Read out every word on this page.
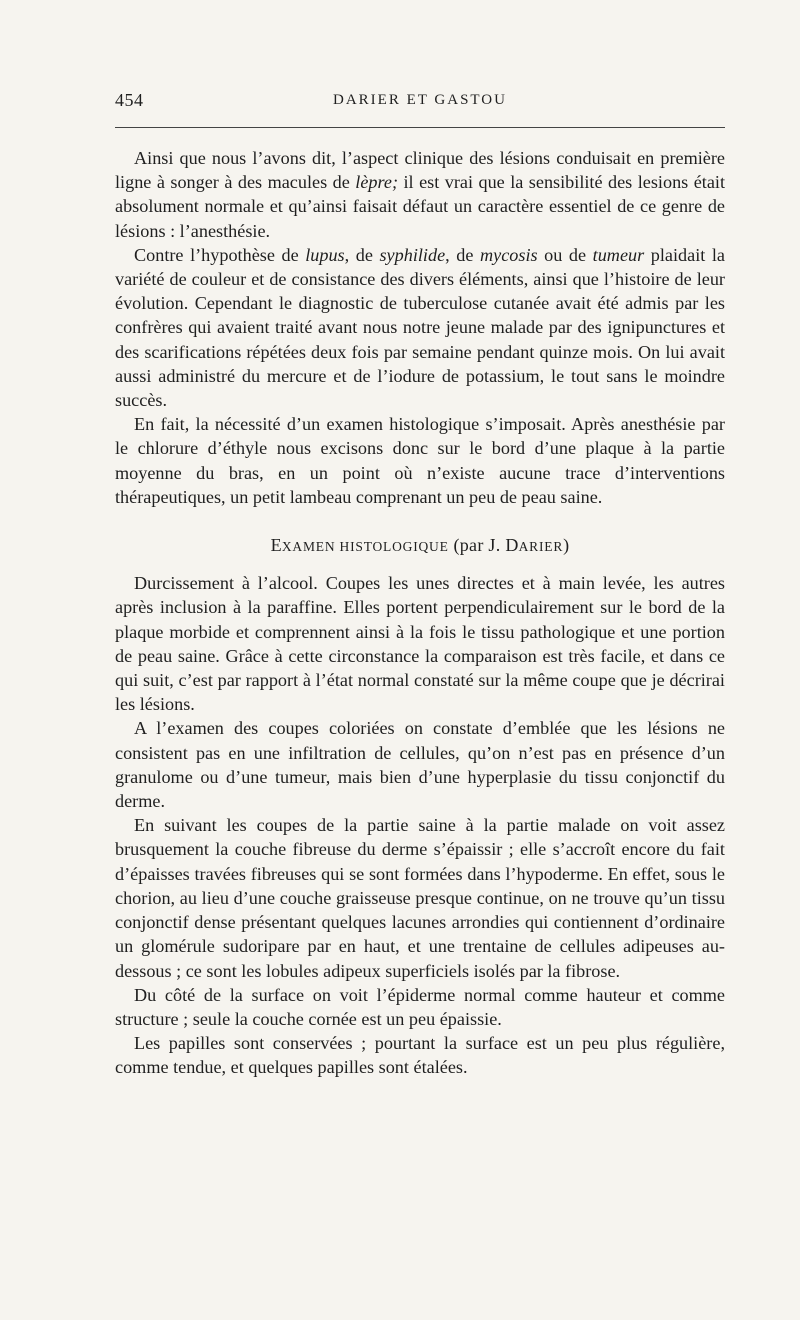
454	DARIER ET GASTOU

Ainsi que nous l’avons dit, l’aspect clinique des lésions conduisait en première ligne à songer à des macules de lèpre; il est vrai que la sensibilité des lesions était absolument normale et qu’ainsi faisait défaut un caractère essentiel de ce genre de lésions : l’anesthésie.

Contre l’hypothèse de lupus, de syphilide, de mycosis ou de tumeur plaidait la variété de couleur et de consistance des divers éléments, ainsi que l’histoire de leur évolution. Cependant le diagnostic de tuberculose cutanée avait été admis par les confrères qui avaient traité avant nous notre jeune malade par des ignipunctures et des scarifications répétées deux fois par semaine pendant quinze mois. On lui avait aussi administré du mercure et de l’iodure de potassium, le tout sans le moindre succès.

En fait, la nécessité d’un examen histologique s’imposait. Après anesthésie par le chlorure d’éthyle nous excisons donc sur le bord d’une plaque à la partie moyenne du bras, en un point où n’existe aucune trace d’interventions thérapeutiques, un petit lambeau comprenant un peu de peau saine.

EXAMEN HISTOLOGIQUE (par J. DARIER)

Durcissement à l’alcool. Coupes les unes directes et à main levée, les autres après inclusion à la paraffine. Elles portent perpendiculairement sur le bord de la plaque morbide et comprennent ainsi à la fois le tissu pathologique et une portion de peau saine. Grâce à cette circonstance la comparaison est très facile, et dans ce qui suit, c’est par rapport à l’état normal constaté sur la même coupe que je décrirai les lésions.

A l’examen des coupes coloriées on constate d’emblée que les lésions ne consistent pas en une infiltration de cellules, qu’on n’est pas en présence d’un granulome ou d’une tumeur, mais bien d’une hyperplasie du tissu conjonctif du derme.

En suivant les coupes de la partie saine à la partie malade on voit assez brusquement la couche fibreuse du derme s’épaissir ; elle s’accroît encore du fait d’épaisses travées fibreuses qui se sont formées dans l’hypoderme. En effet, sous le chorion, au lieu d’une couche graisseuse presque continue, on ne trouve qu’un tissu conjonctif dense présentant quelques lacunes arrondies qui contiennent d’ordinaire un glomérule sudoripare par en haut, et une trentaine de cellules adipeuses au-dessous ; ce sont les lobules adipeux superficiels isolés par la fibrose.

Du côté de la surface on voit l’épiderme normal comme hauteur et comme structure ; seule la couche cornée est un peu épaissie.

Les papilles sont conservées ; pourtant la surface est un peu plus régulière, comme tendue, et quelques papilles sont étalées.
